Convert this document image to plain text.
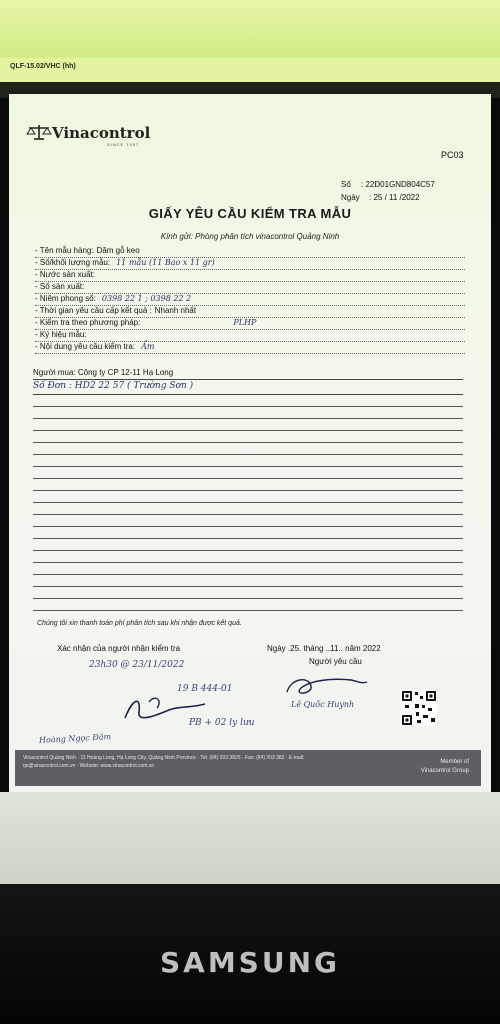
QLF-15.02/VHC (hh)
Vinacontrol
SINCE 1957
PC03
Số : 22D01GND804C57
Ngày : 25 / 11 /2022
GIẤY YÊU CẦU KIỂM TRA MẪU
Kính gửi: Phòng phân tích vinacontrol Quảng Ninh
- Tên mẫu hàng: Dăm gỗ keo
- Số/khối lượng mẫu: 11 mẫu (11 Bao x 11 gr)
- Nước sản xuất:
- Số sản xuất:
- Niêm phong số: 0398 22 1 ; 0398 22 2
- Thời gian yêu cầu cấp kết quả : Nhanh nhất
- Kiểm tra theo phương pháp:	PLHP
- Ký hiệu mẫu:
- Nội dung yêu cầu kiểm tra: Ẩm
Người mua: Công ty CP 12-11 Hạ Long
Số Đơn : HD2 22 57 ( Trường Sơn )
Chúng tôi xin thanh toán phí phân tích sau khi nhận được kết quả.
Xác nhận của người nhận kiểm tra	Ngày .25. tháng ..11.. năm 2022
Người yêu cầu
23h30 @ 23/11/2022
19 B 444-01
PB + 02 ly lưu
Hoàng Ngọc Đăm
Lê Quốc Huynh
Vinacontrol Quảng Ninh · 11 Hoàng Long, Hạ Long City, Quảng Ninh Province · Tel: (84) 203 3825 · Fax: (84) 203 382 · E-mail: qn@vinacontrol.com.vn · Website: www.vinacontrol.com.vn
Member of
Vinacontrol Group
SAMSUNG
